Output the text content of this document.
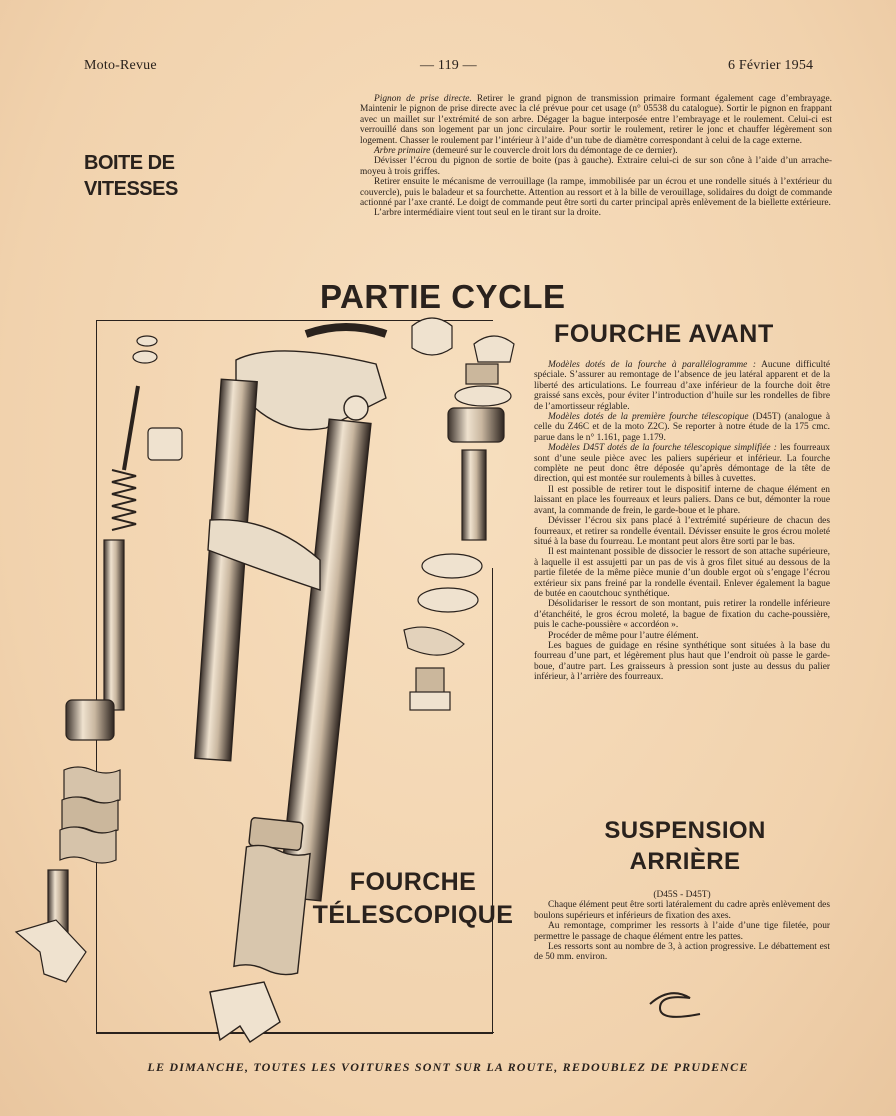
Moto-Revue	— 119 —	6 Février 1954
BOITE DE
VITESSES

Pignon de prise directe. Retirer le grand pignon de transmission primaire formant également cage d’embrayage. Maintenir le pignon de prise directe avec la clé prévue pour cet usage (n° 05538 du catalogue). Sortir le pignon en frappant avec un maillet sur l’extrémité de son arbre. Dégager la bague interposée entre l’embrayage et le roulement. Celui-ci est verrouillé dans son logement par un jonc circulaire. Pour sortir le roulement, retirer le jonc et chauffer légèrement son logement. Chasser le roulement par l’intérieur à l’aide d’un tube de diamètre correspondant à celui de la cage externe.

Arbre primaire (demeuré sur le couvercle droit lors du démontage de ce dernier).

Dévisser l’écrou du pignon de sortie de boite (pas à gauche). Extraire celui-ci de sur son cône à l’aide d’un arrache-moyeu à trois griffes.

Retirer ensuite le mécanisme de verrouillage (la rampe, immobilisée par un écrou et une rondelle situés à l’extérieur du couvercle), puis le baladeur et sa fourchette. Attention au ressort et à la bille de verouillage, solidaires du doigt de commande actionné par l’axe cranté. Le doigt de commande peut être sorti du carter principal après enlèvement de la biellette extérieure.

L’arbre intermédiaire vient tout seul en le tirant sur la droite.

PARTIE CYCLE
FOURCHE AVANT

Modèles dotés de la fourche à parallélogramme : Aucune difficulté spéciale. S’assurer au remontage de l’absence de jeu latéral apparent et de la liberté des articulations. Le fourreau d’axe inférieur de la fourche doit être graissé sans excès, pour éviter l’introduction d’huile sur les rondelles de fibre de l’amortisseur réglable.

Modèles dotés de la première fourche télescopique (D45T) (analogue à celle du Z46C et de la moto Z2C). Se reporter à notre étude de la 175 cmc. parue dans le n° 1.161, page 1.179.

Modèles D45T dotés de la fourche télescopique simplifiée : les fourreaux sont d’une seule pièce avec les paliers supérieur et inférieur. La fourche complète ne peut donc être déposée qu’après démontage de la tête de direction, qui est montée sur roulements à billes à cuvettes.

Il est possible de retirer tout le dispositif interne de chaque élément en laissant en place les fourreaux et leurs paliers. Dans ce but, démonter la roue avant, la commande de frein, le garde-boue et le phare.

Dévisser l’écrou six pans placé à l’extrémité supérieure de chacun des fourreaux, et retirer sa rondelle éventail. Dévisser ensuite le gros écrou moleté situé à la base du fourreau. Le montant peut alors être sorti par le bas.

Il est maintenant possible de dissocier le ressort de son attache supérieure, à laquelle il est assujetti par un pas de vis à gros filet situé au dessous de la partie filetée de la même pièce munie d’un double ergot où s’engage l’écrou extérieur six pans freiné par la rondelle éventail. Enlever également la bague de butée en caoutchouc synthétique.

Désolidariser le ressort de son montant, puis retirer la rondelle inférieure d’étanchéité, le gros écrou moleté, la bague de fixation du cache-poussière, puis le cache-poussière « accordéon ».

Procéder de même pour l’autre élément.

Les bagues de guidage en résine synthétique sont situées à la base du fourreau d’une part, et légèrement plus haut que l’endroit où passe le garde-boue, d’autre part. Les graisseurs à pression sont juste au dessus du palier inférieur, à l’arrière des fourreaux.

SUSPENSION
ARRIÈRE
(D45S - D45T)

Chaque élément peut être sorti latéralement du cadre après enlèvement des boulons supérieurs et inférieurs de fixation des axes.

Au remontage, comprimer les ressorts à l’aide d’une tige filetée, pour permettre le passage de chaque élément entre les pattes.

Les ressorts sont au nombre de 3, à action progressive. Le débattement est de 50 mm. environ.

FOURCHE
TÉLESCOPIQUE
LE DIMANCHE, TOUTES LES VOITURES SONT SUR LA ROUTE, REDOUBLEZ DE PRUDENCE
